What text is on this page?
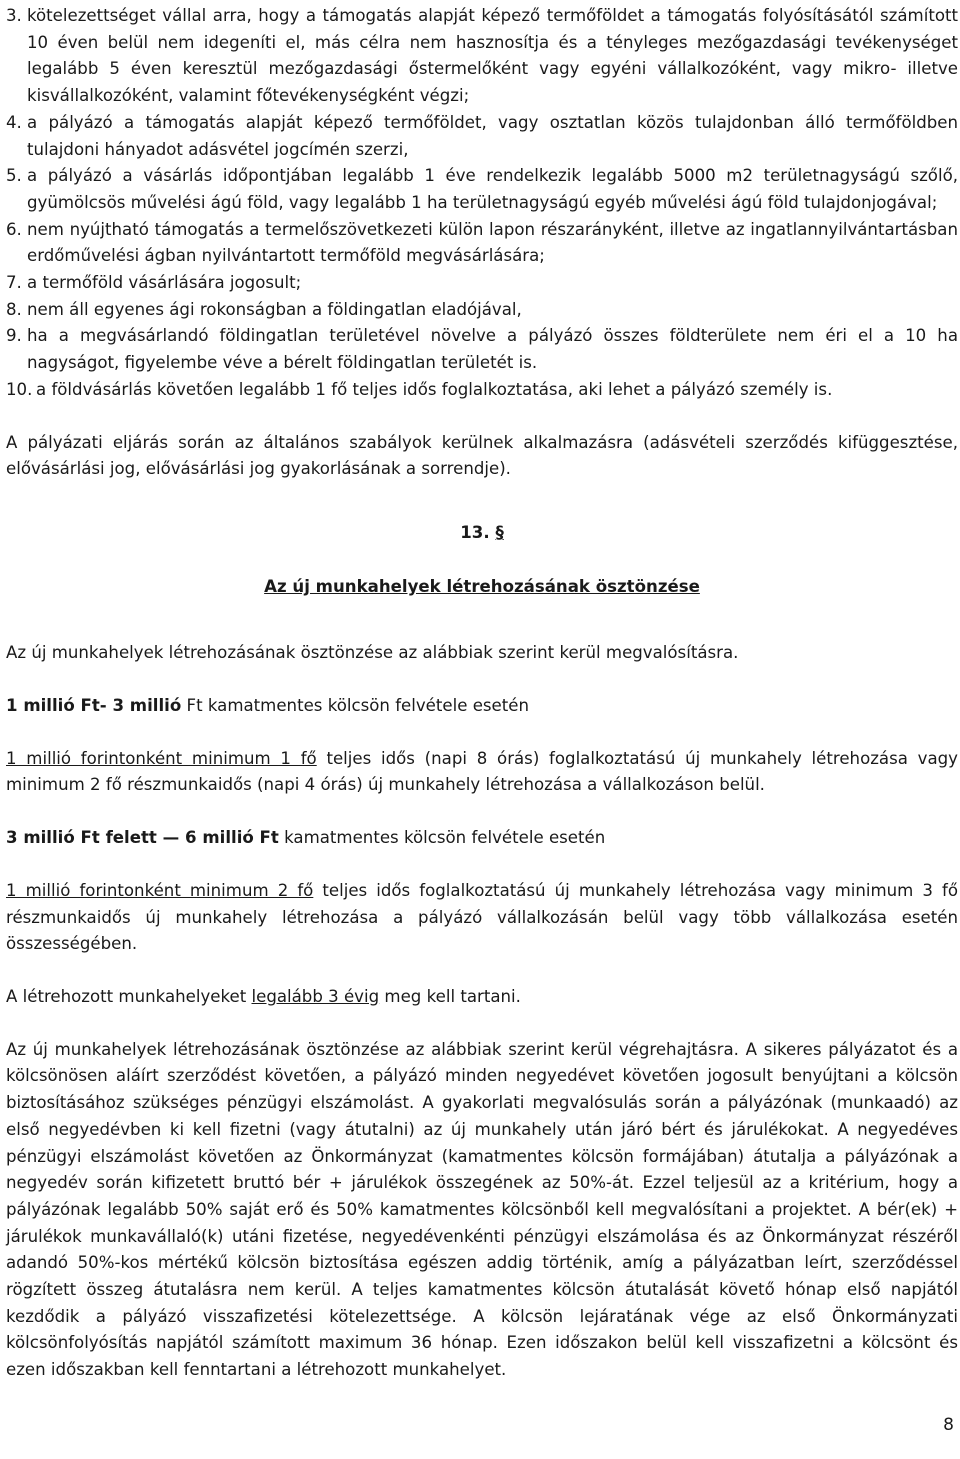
3. kötelezettséget vállal arra, hogy a támogatás alapját képező termőföldet a támogatás folyósításától számított 10 éven belül nem idegeníti el, más célra nem hasznosítja és a tényleges mezőgazdasági tevékenységet legalább 5 éven keresztül mezőgazdasági őstermelőként vagy egyéni vállalkozóként, vagy mikro- illetve kisvállalkozóként, valamint főtevékenységként végzi;
4. a pályázó a támogatás alapját képező termőföldet, vagy osztatlan közös tulajdonban álló termőföldben tulajdoni hányadot adásvétel jogcímén szerzi,
5. a pályázó a vásárlás időpontjában legalább 1 éve rendelkezik legalább 5000 m2 területnagyságú szőlő, gyümölcsös művelési ágú föld, vagy legalább 1 ha területnagyságú egyéb művelési ágú föld tulajdonjogával;
6. nem nyújtható támogatás a termelőszövetkezeti külön lapon részarányként, illetve az ingatlannyilvántartásban erdőművelési ágban nyilvántartott termőföld megvásárlására;
7. a termőföld vásárlására jogosult;
8. nem áll egyenes ági rokonságban a földingatlan eladójával,
9. ha a megvásárlandó földingatlan területével növelve a pályázó összes földterülete nem éri el a 10 ha nagyságot, figyelembe véve a bérelt földingatlan területét is.
10. a földvásárlás követően legalább 1 fő teljes idős foglalkoztatása, aki lehet a pályázó személy is.

A pályázati eljárás során az általános szabályok kerülnek alkalmazásra (adásvételi szerződés kifüggesztése, elővásárlási jog, elővásárlási jog gyakorlásának a sorrendje).

13. §
Az új munkahelyek létrehozásának ösztönzése

Az új munkahelyek létrehozásának ösztönzése az alábbiak szerint kerül megvalósításra.

1 millió Ft- 3 millió Ft kamatmentes kölcsön felvétele esetén

1 millió forintonként minimum 1 fő teljes idős (napi 8 órás) foglalkoztatású új munkahely létrehozása vagy minimum 2 fő részmunkaidős (napi 4 órás) új munkahely létrehozása a vállalkozáson belül.

3 millió Ft felett — 6 millió Ft kamatmentes kölcsön felvétele esetén

1 millió forintonként minimum 2 fő teljes idős foglalkoztatású új munkahely létrehozása vagy minimum 3 fő részmunkaidős új munkahely létrehozása a pályázó vállalkozásán belül vagy több vállalkozása esetén összességében.

A létrehozott munkahelyeket legalább 3 évig meg kell tartani.

Az új munkahelyek létrehozásának ösztönzése az alábbiak szerint kerül végrehajtásra. A sikeres pályázatot és a kölcsönösen aláírt szerződést követően, a pályázó minden negyedévet követően jogosult benyújtani a kölcsön biztosításához szükséges pénzügyi elszámolást. A gyakorlati megvalósulás során a pályázónak (munkaadó) az első negyedévben ki kell fizetni (vagy átutalni) az új munkahely után járó bért és járulékokat. A negyedéves pénzügyi elszámolást követően az Önkormányzat (kamatmentes kölcsön formájában) átutalja a pályázónak a negyedév során kifizetett bruttó bér + járulékok összegének az 50%-át. Ezzel teljesül az a kritérium, hogy a pályázónak legalább 50% saját erő és 50% kamatmentes kölcsönből kell megvalósítani a projektet. A bér(ek) + járulékok munkavállaló(k) utáni fizetése, negyedévenkénti pénzügyi elszámolása és az Önkormányzat részéről adandó 50%-kos mértékű kölcsön biztosítása egészen addig történik, amíg a pályázatban leírt, szerződéssel rögzített összeg átutalásra nem kerül. A teljes kamatmentes kölcsön átutalását követő hónap első napjától kezdődik a pályázó visszafizetési kötelezettsége. A kölcsön lejáratának vége az első Önkormányzati kölcsönfolyósítás napjától számított maximum 36 hónap. Ezen időszakon belül kell visszafizetni a kölcsönt és ezen időszakban kell fenntartani a létrehozott munkahelyet.

8
